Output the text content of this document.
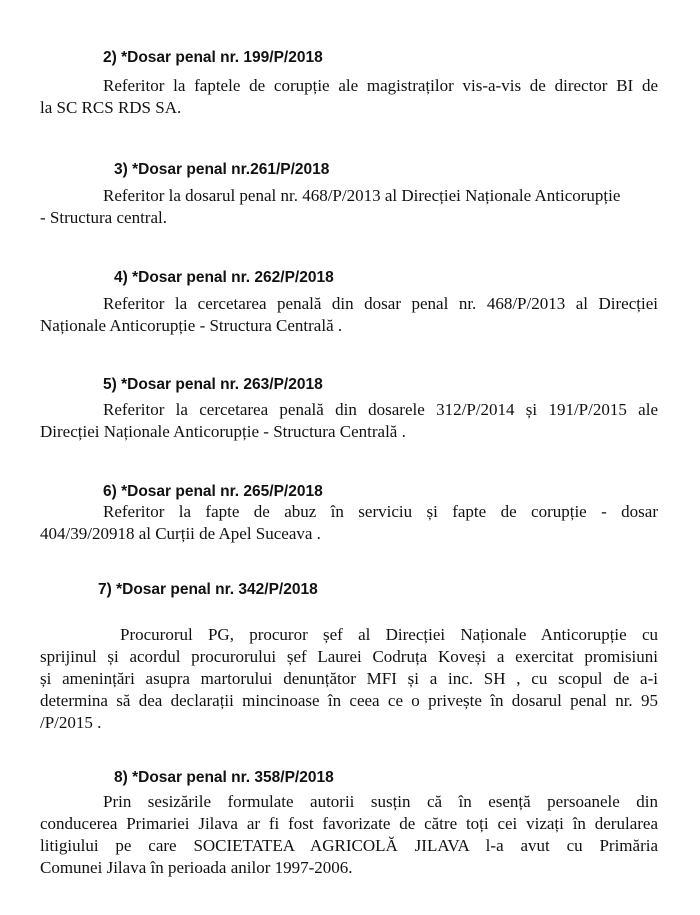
2) *Dosar penal nr. 199/P/2018
Referitor la faptele de corupție ale magistraților vis-a-vis de director BI de
la SC RCS RDS SA.
3) *Dosar penal nr.261/P/2018
Referitor la dosarul penal nr. 468/P/2013 al Direcției Naționale Anticorupție
- Structura central.
4) *Dosar penal nr. 262/P/2018
Referitor la cercetarea penală din dosar penal nr. 468/P/2013 al Direcției
Naționale Anticorupție - Structura Centrală .
5) *Dosar penal nr. 263/P/2018
Referitor la cercetarea penală din dosarele 312/P/2014 și 191/P/2015 ale
Direcției Naționale Anticorupție - Structura Centrală .
6) *Dosar penal nr. 265/P/2018
Referitor la fapte de abuz în serviciu și fapte de corupție - dosar
404/39/20918 al Curții de Apel Suceava .
7) *Dosar penal nr. 342/P/2018
Procurorul PG, procuror șef al Direcției Naționale Anticorupție cu
sprijinul și acordul procurorului șef Laurei Codruța Koveși a exercitat promisiuni
și amenințări asupra martorului denunțător MFI și a inc. SH , cu scopul de a-i
determina să dea declarații mincinoase în ceea ce o privește în dosarul penal nr. 95
/P/2015 .
8) *Dosar penal nr. 358/P/2018
Prin sesizările formulate autorii susțin că în esență persoanele din
conducerea Primariei Jilava ar fi fost favorizate de către toți cei vizați în derularea
litigiului pe care SOCIETATEA AGRICOLĂ JILAVA l-a avut cu Primăria
Comunei Jilava în perioada anilor 1997-2006.
